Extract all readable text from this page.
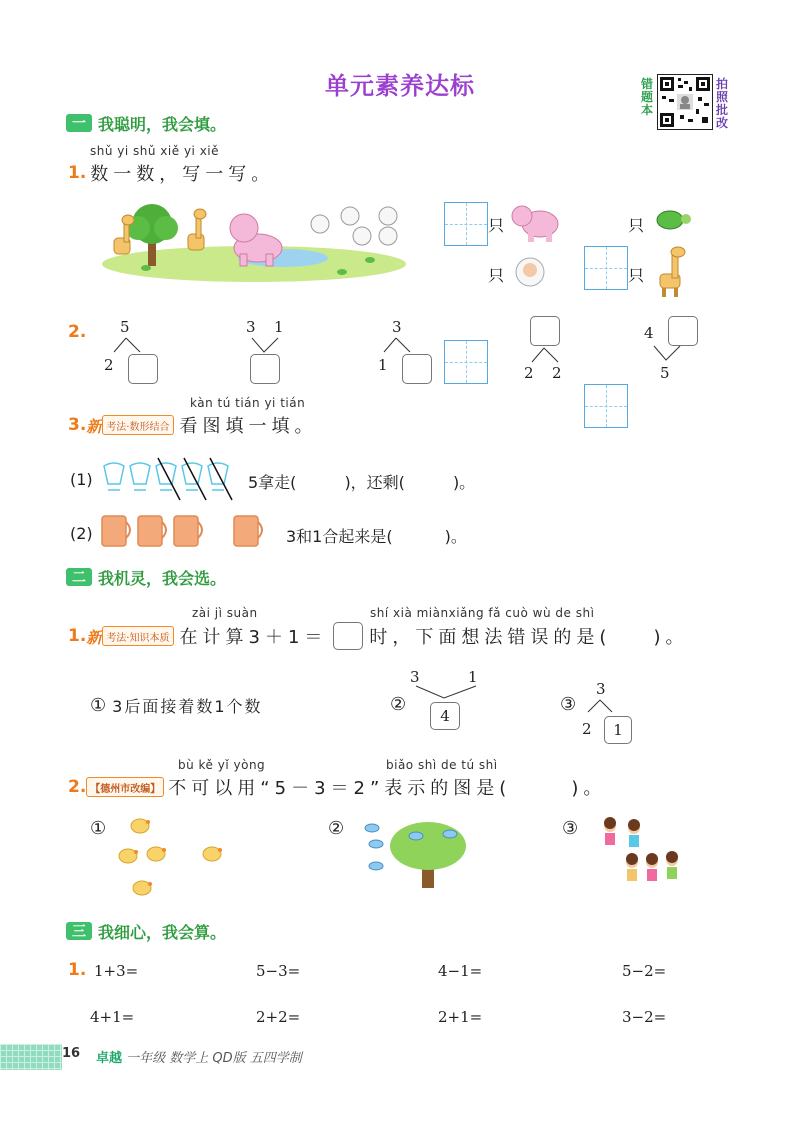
单元素养达标	错题本
拍照批改
一 我聪明，我会填。
shǔ yi shǔ xiě yi xiě
1. 数一数，写一写。
只	只
只	只
2. 5
2
3 1	3
1	2 2
4
5
kàn tú tián yi tián
3. 新 考法·数形结合 看图填一填。
(1)	5拿走(	)，还剩(	)。
(2)	3和1合起来是(	)。
二 我机灵，我会选。
zài jì suàn	shí xià miànxiǎng fǎ cuò wù de shì
1. 新 考法·知识本质 在计算3＋1＝ 时，下面想法错误的是( )。
① 3后面接着数1个数	②
3	1
4
③
3
2	1
bù kě yǐ yòng	biǎo shì de tú shì
2. 【德州市改编】 不可以用“5－3＝2”表示的图是(	)。
①	②	③
三 我细心，我会算。
1. 1+3=	5−3=	4−1=	5−2=
4+1=	2+2=	2+1=	3−2=
16 卓越 一年级 数学上 QD版 五四学制
